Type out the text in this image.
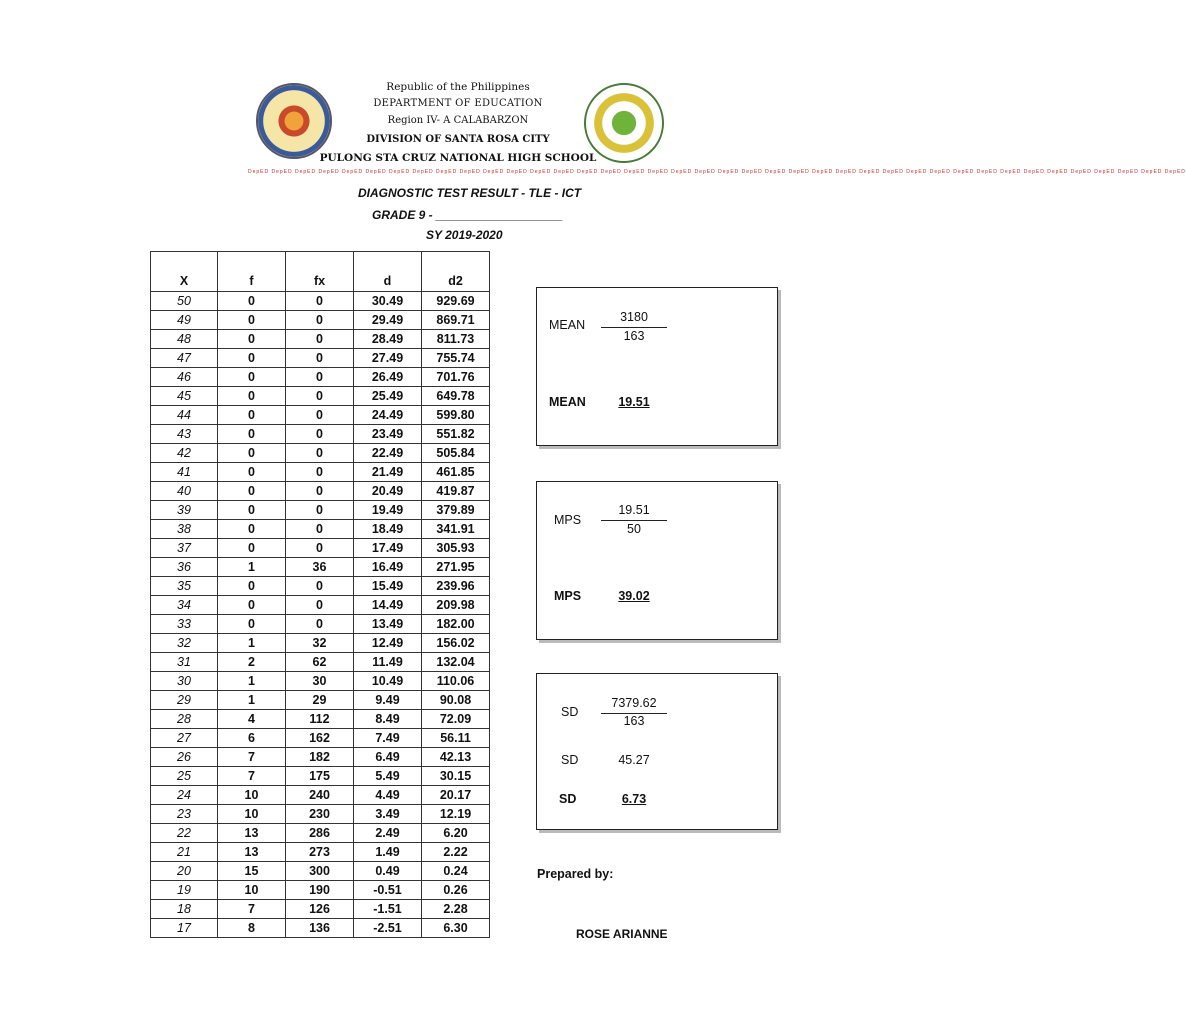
Republic of the Philippines
DEPARTMENT OF EDUCATION
Region IV- A CALABARZON
DIVISION OF SANTA ROSA CITY
PULONG STA CRUZ NATIONAL HIGH SCHOOL
DepED DepED DepED DepED DepED DepED DepED DepED DepED DepED DepED DepED DepED DepED DepED DepED DepED DepED DepED DepED DepED DepED DepED DepED DepED DepED DepED DepED DepED DepED DepED DepED DepED DepED DepED DepED DepED DepED DepED DepED
DIAGNOSTIC TEST RESULT - TLE - ICT
GRADE 9 - ___________________
SY 2019-2020
X	f	fx	d	d2
50	0	0	30.49	929.69
49	0	0	29.49	869.71
48	0	0	28.49	811.73
47	0	0	27.49	755.74
46	0	0	26.49	701.76
45	0	0	25.49	649.78
44	0	0	24.49	599.80
43	0	0	23.49	551.82
42	0	0	22.49	505.84
41	0	0	21.49	461.85
40	0	0	20.49	419.87
39	0	0	19.49	379.89
38	0	0	18.49	341.91
37	0	0	17.49	305.93
36	1	36	16.49	271.95
35	0	0	15.49	239.96
34	0	0	14.49	209.98
33	0	0	13.49	182.00
32	1	32	12.49	156.02
31	2	62	11.49	132.04
30	1	30	10.49	110.06
29	1	29	9.49	90.08
28	4	112	8.49	72.09
27	6	162	7.49	56.11
26	7	182	6.49	42.13
25	7	175	5.49	30.15
24	10	240	4.49	20.17
23	10	230	3.49	12.19
22	13	286	2.49	6.20
21	13	273	1.49	2.22
20	15	300	0.49	0.24
19	10	190	-0.51	0.26
18	7	126	-1.51	2.28
17	8	136	-2.51	6.30
MEAN
3180
163
MEAN	19.51
MPS
19.51
50
MPS	39.02
SD
7379.62
163
SD	45.27
SD	6.73
Prepared by:
ROSE ARIANNE
